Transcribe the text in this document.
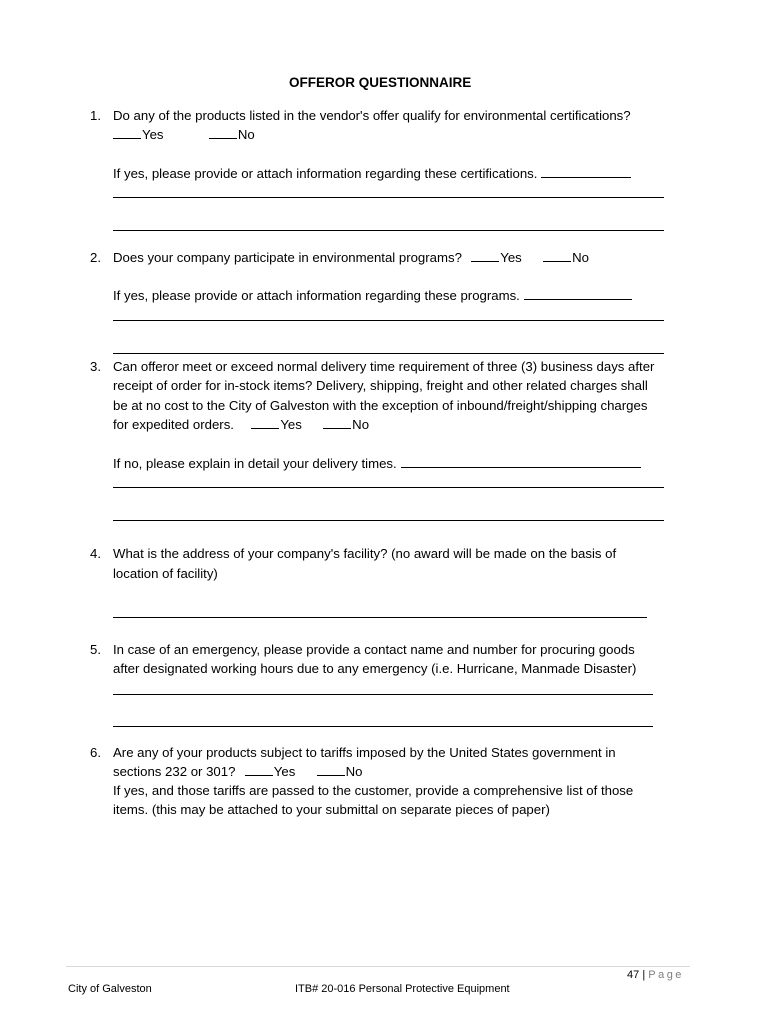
OFFEROR QUESTIONNAIRE
1. Do any of the products listed in the vendor's offer qualify for environmental certifications?
Yes	No
If yes, please provide or attach information regarding these certifications.
2. Does your company participate in environmental programs?	Yes	No
If yes, please provide or attach information regarding these programs.
3. Can offeror meet or exceed normal delivery time requirement of three (3) business days after
receipt of order for in-stock items? Delivery, shipping, freight and other related charges shall
be at no cost to the City of Galveston with the exception of inbound/freight/shipping charges
for expedited orders.	Yes	No
If no, please explain in detail your delivery times.
4. What is the address of your company's facility? (no award will be made on the basis of
location of facility)
5. In case of an emergency, please provide a contact name and number for procuring goods
after designated working hours due to any emergency (i.e. Hurricane, Manmade Disaster)
6. Are any of your products subject to tariffs imposed by the United States government in
sections 232 or 301?	Yes	No
If yes, and those tariffs are passed to the customer, provide a comprehensive list of those
items. (this may be attached to your submittal on separate pieces of paper)
47 | Page
City of Galveston	ITB# 20-016 Personal Protective Equipment
